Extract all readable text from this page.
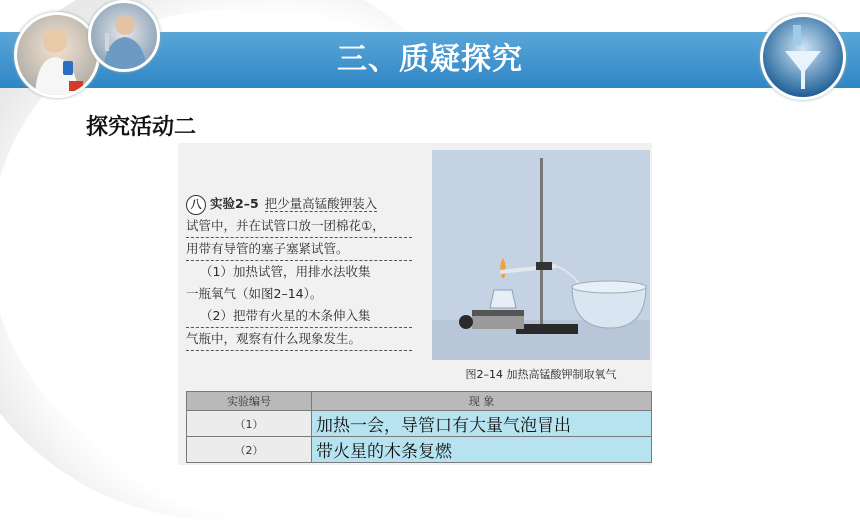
三、质疑探究
探究活动二
八 实验2–5 把少量高锰酸钾装入
试管中，并在试管口放一团棉花①，
用带有导管的塞子塞紧试管。
（1）加热试管，用排水法收集
一瓶氧气（如图2–14）。
（2）把带有火星的木条伸入集
气瓶中，观察有什么现象发生。
图2–14 加热高锰酸钾制取氧气
实验编号	现 象
（1）	加热一会，导管口有大量气泡冒出
（2）	带火星的木条复燃
